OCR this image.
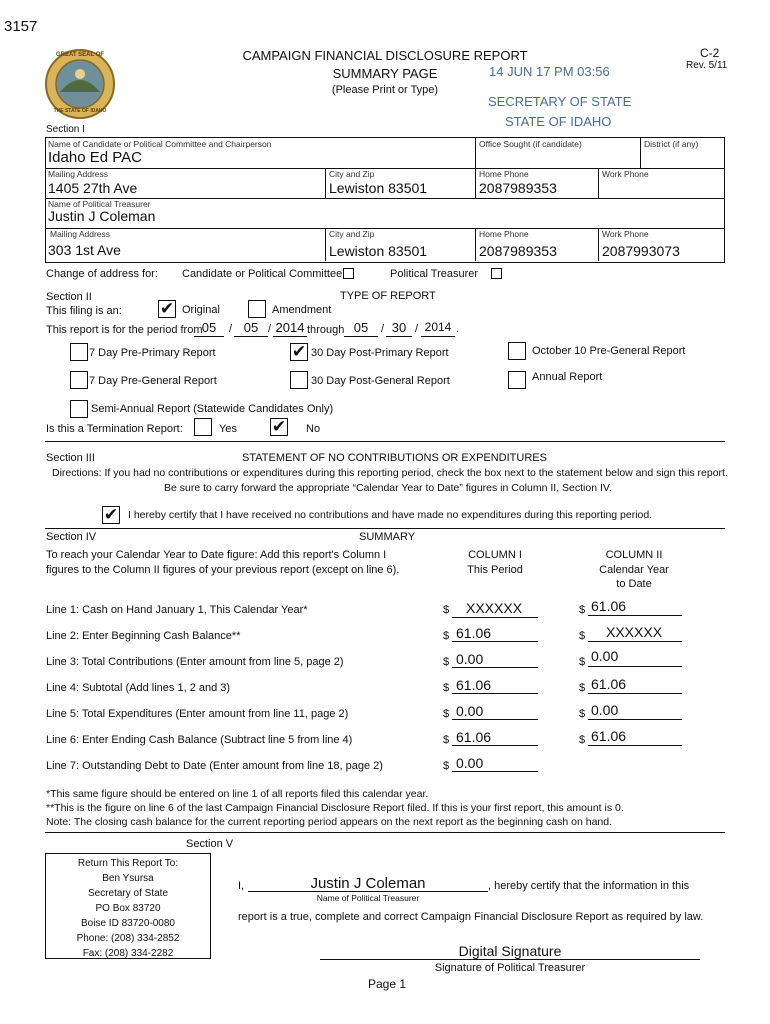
3157
GREAT SEAL OF
THE STATE OF IDAHO
CAMPAIGN FINANCIAL DISCLOSURE REPORT
SUMMARY PAGE
(Please Print or Type)
C-2
Rev. 5/11
14 JUN 17 PM 03:56
SECRETARY OF STATE
STATE OF IDAHO
Section I
Name of Candidate or Political Committee and Chairperson
Idaho Ed PAC
Office Sought (if candidate)	District (if any)
Mailing Address
1405 27th Ave
City and Zip
Lewiston 83501
Home Phone
2087989353
Work Phone
Name of Political Treasurer
Justin J Coleman
Mailing Address
303 1st Ave
City and Zip
Lewiston 83501
Home Phone
2087989353
Work Phone
2087993073
Change of address for: Candidate or Political Committee	Political Treasurer
Section II	TYPE OF REPORT
This filing is an: ✔ Original	Amendment
This report is for the period from 05	/ 05 / 2014 through 05	/ 30 / 2014 .
7 Day Pre-Primary Report	✔ 30 Day Post-Primary Report	October 10 Pre-General Report
7 Day Pre-General Report	30 Day Post-General Report	Annual Report
Semi-Annual Report (Statewide Candidates Only)
Is this a Termination Report:	Yes ✔ No
Section III	STATEMENT OF NO CONTRIBUTIONS OR EXPENDITURES
Directions: If you had no contributions or expenditures during this reporting period, check the box next to the statement below and sign this report.
Be sure to carry forward the appropriate “Calendar Year to Date” figures in Column II, Section IV.
✔ I hereby certify that I have received no contributions and have made no expenditures during this reporting period.
Section IV	SUMMARY
To reach your Calendar Year to Date figure: Add this report's Column I
figures to the Column II figures of your previous report (except on line 6).
COLUMN I
This Period
COLUMN II
Calendar Year
to Date
Line 1: Cash on Hand January 1, This Calendar Year*	$ XXXXXX	$ 61.06
Line 2: Enter Beginning Cash Balance**	$ 61.06	$ XXXXXX
Line 3: Total Contributions (Enter amount from line 5, page 2)	$ 0.00	$ 0.00
Line 4: Subtotal (Add lines 1, 2 and 3)	$ 61.06	$ 61.06
Line 5: Total Expenditures (Enter amount from line 11, page 2)	$ 0.00	$ 0.00
Line 6: Enter Ending Cash Balance (Subtract line 5 from line 4)	$ 61.06	$ 61.06
Line 7: Outstanding Debt to Date (Enter amount from line 18, page 2)	$ 0.00
*This same figure should be entered on line 1 of all reports filed this calendar year.
**This is the figure on line 6 of the last Campaign Financial Disclosure Report filed. If this is your first report, this amount is 0.
Note: The closing cash balance for the current reporting period appears on the next report as the beginning cash on hand.
Section V
Return This Report To:
Ben Ysursa
Secretary of State
PO Box 83720
Boise ID 83720-0080
Phone: (208) 334-2852
Fax: (208) 334-2282
I,	Justin J Coleman	, hereby certify that the information in this
Name of Political Treasurer
report is a true, complete and correct Campaign Financial Disclosure Report as required by law.
Digital Signature
Signature of Political Treasurer
Page 1
